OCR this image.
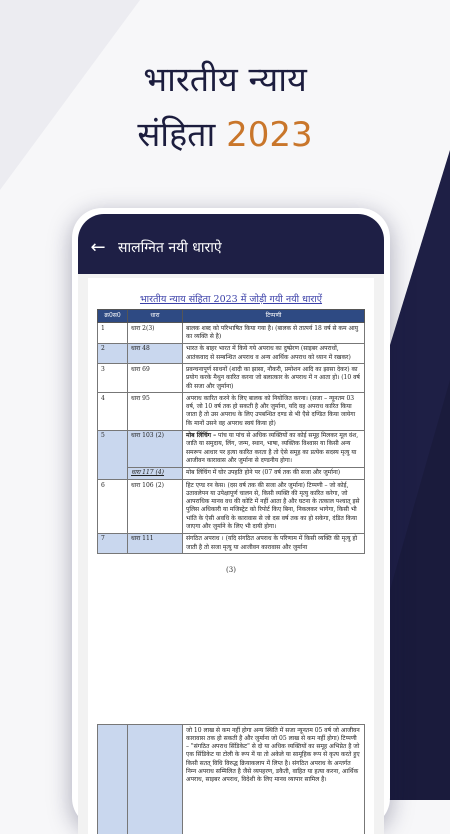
भारतीय न्याय
संहिता 2023
← सालग्नित नयी धाराऐ
भारतीय न्याय संहिता 2023 में जोड़ी गयी नयी धाराऐं
क्र0स0	धारा	टिप्पणी
1	धारा 2(3)	बालक शब्द को परिभाषित किया गया है। (बालक से तात्पर्य 18 वर्ष से कम आयु का व्यक्ति से है)
2	धारा 48	भारत के बाहर भारत में किये गये अपराध का दुष्प्रेरण (साइबर अपराधों, आतंकवाद से सम्बन्धित अपराध व अन्य आर्थिक अपराध को ध्यान में रखकर)
3	धारा 69	प्रवन्चनापूर्ण साधनों (शादी का झासा, नौकरी, प्रमोशन आदि का झासा देकर) का प्रयोग करके मैथुन कारित करना जो बलात्कार के अपराध में न आता हो। (10 वर्ष की सजा और जुर्माना)
4	धारा 95	अपराध कारित करने के लिए बालक को नियोजित करना। (सजा – न्यूनतम 03 वर्ष, जो 10 वर्ष तक हो सकती है और जुर्माना, यदि वह अपराध कारित किया जाता है तो उस अपराध के लिए उपबन्धित दण्ड से भी एैसे दण्डित किया जायेगा कि मानों उसने वह अपराध स्वयं किया हो)
5	धारा 103 (2)	मोब लिंचिंग – पांच या पांच से अधिक व्यक्तियों का कोई समूह मिलकर मूल वंश, जाति या समुदाय, लिंग, जन्म, स्थान, भाषा, व्यक्तिक विश्वास या किसी अन्य समरूप आधार पर हत्या कारित करता है तो ऐसे समूह का प्रत्येक सदस्य मृत्यु या आजीवन कारावास और जुर्माना से दण्डनीय होगा।
	धारा 117 (4)	मोब लिंचिंग में घोर उपहति होने पर (07 वर्ष तक की सजा और जुर्माना)
6	धारा 106 (2)	हिट एण्ड रन केस। (दस वर्ष तक की सजा और जुर्माना) टिप्पणी – जो कोई, उतावलेपन या उपेक्षापूर्ण चालन से, किसी व्यक्ति की मृत्यु कारित करेगा, जो आपराधिक मानव वध की कोटि में नहीं आता है और घटना के तत्काल पश्चात् इसे पुलिस अधिकारी या मजिस्ट्रेट को रिपोर्ट किए बिना, निकलकर भागेगा, किसी भी भांति के ऐसी अवधि के कारावास से जो दस वर्ष तक का हो सकेगा, दंडित किया जाएगा और जुर्माने के लिए भी दायी होगा।
7	धारा 111	संगठित अपराध । (यदि संगठित अपराध के परिणाम में किसी व्यक्ति की मृत्यु हो जाती है तो सजा मृत्यु या आजीवन कारावास और जुर्माना
(3)
		जो 10 लाख से कम नहीं होगा अन्य स्थिति में सजा न्यूनतम 05 वर्ष जो आजीवन कारावास तक हो सकती है और जुर्माना जो 05 लाख से कम नहीं होगा) टिप्पणी – "संगठित अपराध सिंडिकेट" से दो या अधिक व्यक्तियों का समूह अभिप्रेत है जो एक सिंडिकेट या टोली के रूप में या तो अकेले या सामूहिक रूप से कृत्य करते हुए किसी सतत् विधि विरुद्ध क्रियाकलाप में लिप्त है। संगठित अपराध के अन्तर्गत निम्न अपराध सम्मिलित है जैसे व्यपहरण, डकैती, वाहित या हत्या करना, आर्थिक अपराध, साइबर अपराध, विदेशी के लिए मानव व्यापार सामिल है।
